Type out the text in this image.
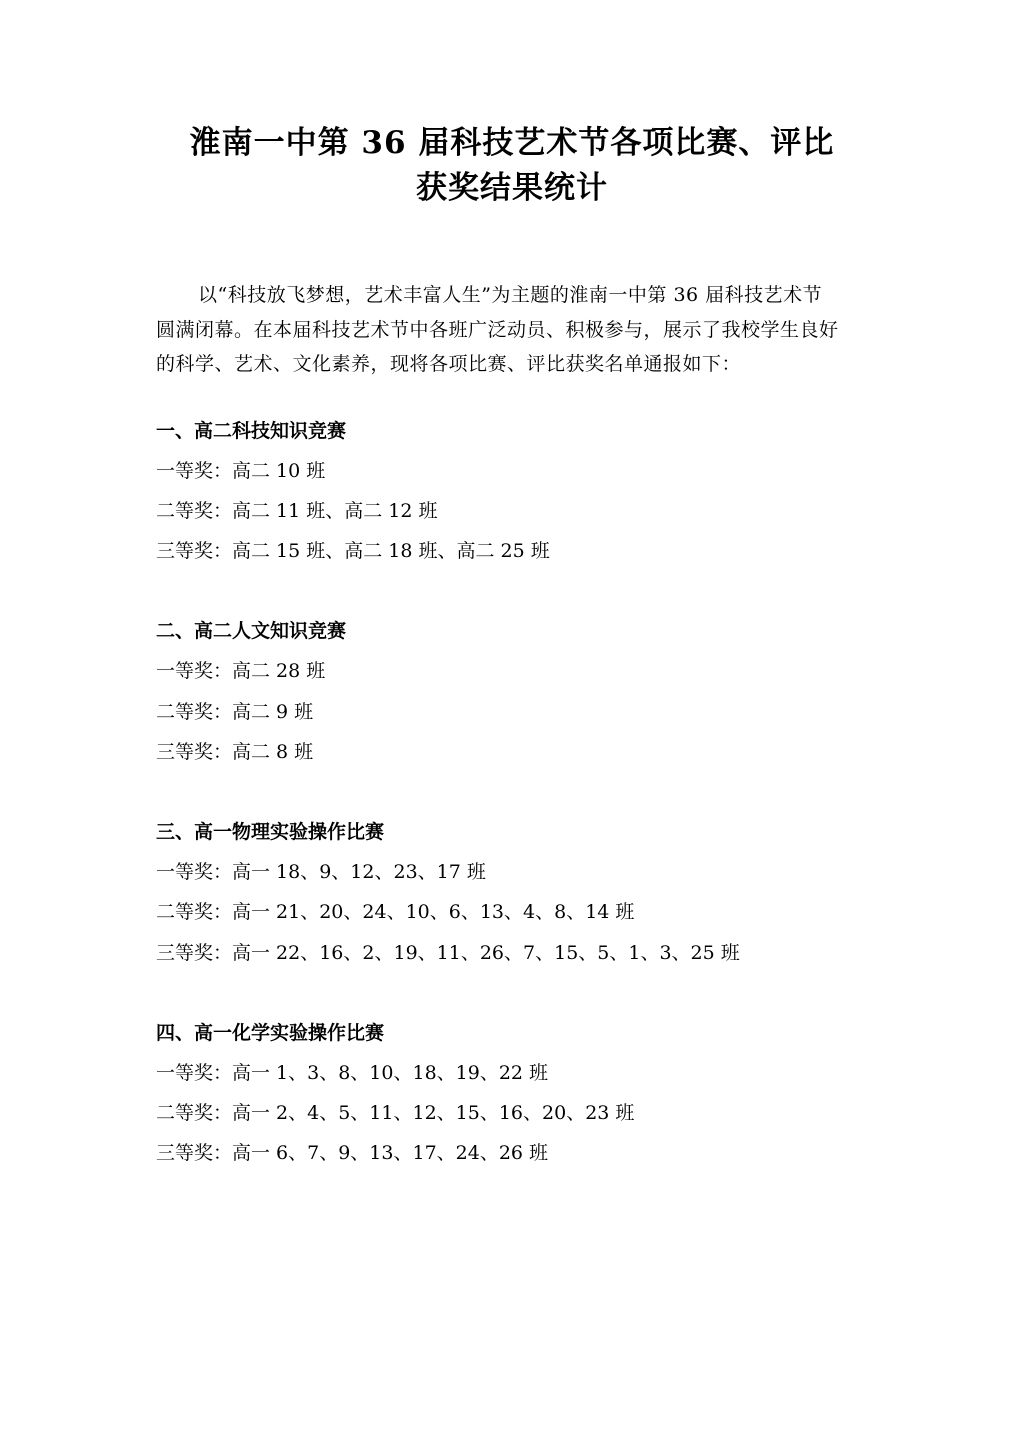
淮南一中第 36 届科技艺术节各项比赛、评比
获奖结果统计

以“科技放飞梦想，艺术丰富人生”为主题的淮南一中第 36 届科技艺术节

圆满闭幕。在本届科技艺术节中各班广泛动员、积极参与，展示了我校学生良好

的科学、艺术、文化素养，现将各项比赛、评比获奖名单通报如下：

一、高二科技知识竞赛

一等奖：高二 10 班

二等奖：高二 11 班、高二 12 班

三等奖：高二 15 班、高二 18 班、高二 25 班

二、高二人文知识竞赛

一等奖：高二 28 班

二等奖：高二 9 班

三等奖：高二 8 班

三、高一物理实验操作比赛

一等奖：高一 18、9、12、23、17 班

二等奖：高一 21、20、24、10、6、13、4、8、14 班

三等奖：高一 22、16、2、19、11、26、7、15、5、1、3、25 班

四、高一化学实验操作比赛

一等奖：高一 1、3、8、10、18、19、22 班

二等奖：高一 2、4、5、11、12、15、16、20、23 班

三等奖：高一 6、7、9、13、17、24、26 班
